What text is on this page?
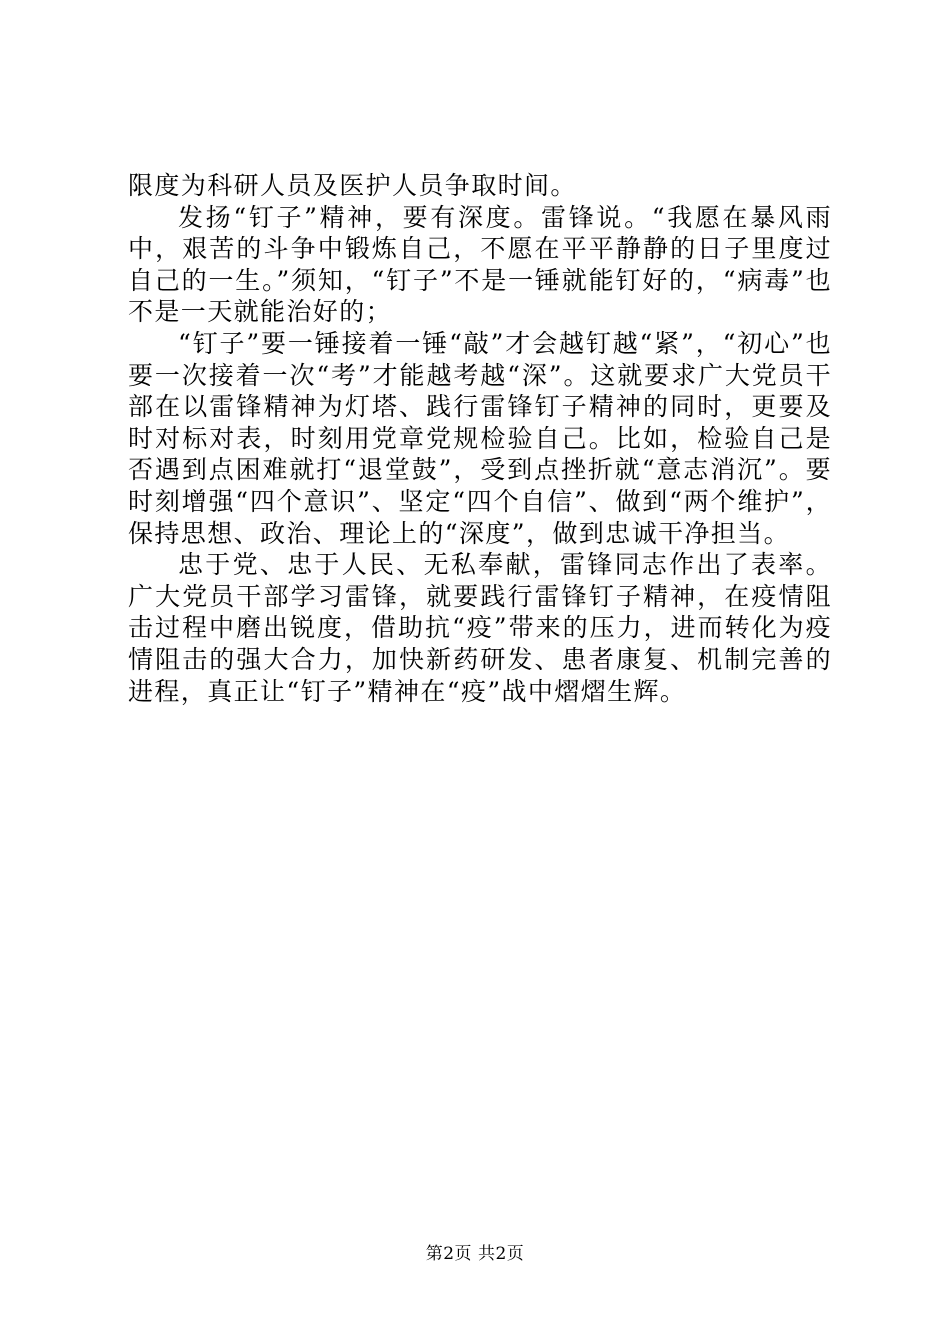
限度为科研人员及医护人员争取时间。

发扬“钉子”精神，要有深度。雷锋说。“我愿在暴风雨中，艰苦的斗争中锻炼自己，不愿在平平静静的日子里度过自己的一生。”须知，“钉子”不是一锤就能钉好的，“病毒”也不是一天就能治好的；

“钉子”要一锤接着一锤“敲”才会越钉越“紧”，“初心”也要一次接着一次“考”才能越考越“深”。这就要求广大党员干部在以雷锋精神为灯塔、践行雷锋钉子精神的同时，更要及时对标对表，时刻用党章党规检验自己。比如，检验自己是否遇到点困难就打“退堂鼓”，受到点挫折就“意志消沉”。要时刻增强“四个意识”、坚定“四个自信”、做到“两个维护”，保持思想、政治、理论上的“深度”，做到忠诚干净担当。

忠于党、忠于人民、无私奉献，雷锋同志作出了表率。广大党员干部学习雷锋，就要践行雷锋钉子精神，在疫情阻击过程中磨出锐度，借助抗“疫”带来的压力，进而转化为疫情阻击的强大合力，加快新药研发、患者康复、机制完善的进程，真正让“钉子”精神在“疫”战中熠熠生辉。

第2页 共2页
